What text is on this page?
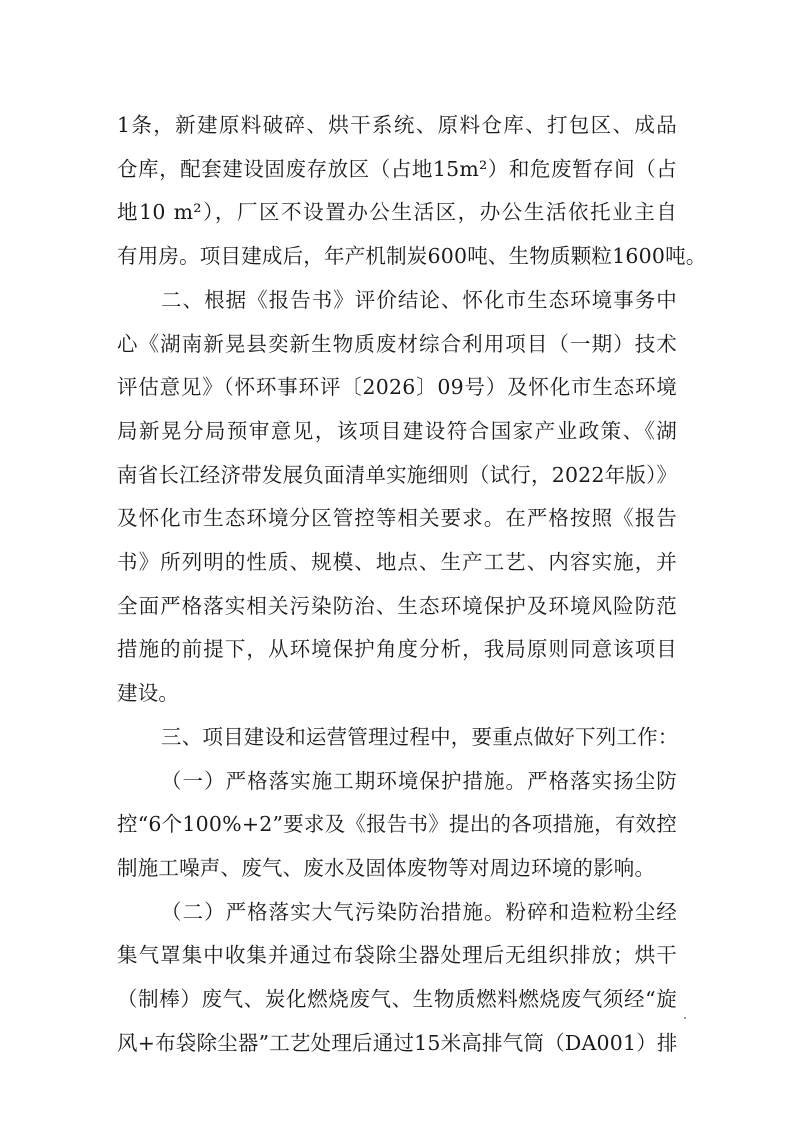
1条，新建原料破碎、烘干系统、原料仓库、打包区、成品
仓库，配套建设固废存放区（占地15m²）和危废暂存间（占
地10 m²），厂区不设置办公生活区，办公生活依托业主自
有用房。项目建成后，年产机制炭600吨、生物质颗粒1600吨。
二、根据《报告书》评价结论、怀化市生态环境事务中
心《湖南新晃县奕新生物质废材综合利用项目（一期）技术
评估意见》（怀环事环评〔2026〕09号）及怀化市生态环境
局新晃分局预审意见，该项目建设符合国家产业政策、《湖
南省长江经济带发展负面清单实施细则（试行，2022年版）》
及怀化市生态环境分区管控等相关要求。在严格按照《报告
书》所列明的性质、规模、地点、生产工艺、内容实施，并
全面严格落实相关污染防治、生态环境保护及环境风险防范
措施的前提下，从环境保护角度分析，我局原则同意该项目
建设。
三、项目建设和运营管理过程中，要重点做好下列工作：
（一）严格落实施工期环境保护措施。严格落实扬尘防
控“6个100%+2”要求及《报告书》提出的各项措施，有效控
制施工噪声、废气、废水及固体废物等对周边环境的影响。
（二）严格落实大气污染防治措施。粉碎和造粒粉尘经
集气罩集中收集并通过布袋除尘器处理后无组织排放；烘干
（制棒）废气、炭化燃烧废气、生物质燃料燃烧废气须经“旋
风+布袋除尘器”工艺处理后通过15米高排气筒（DA001）排
